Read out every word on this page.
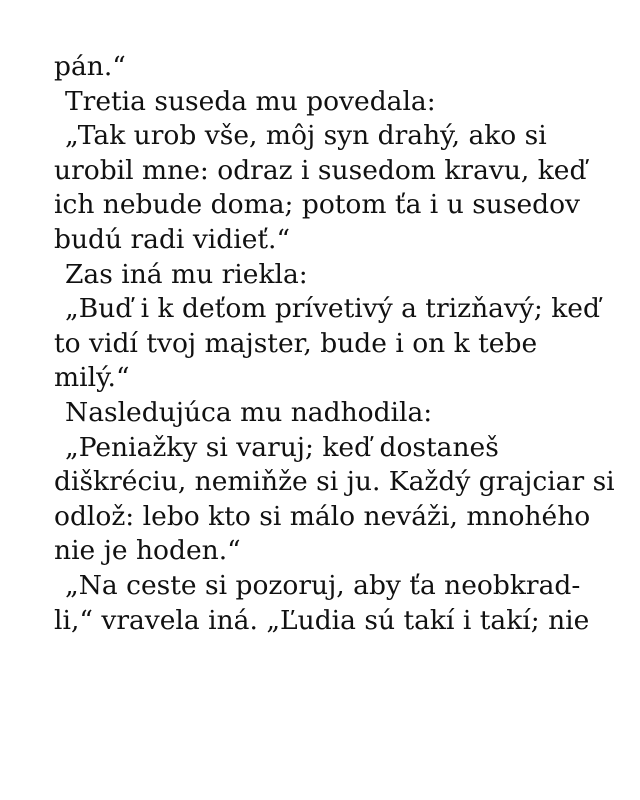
pán.“
Tretia suseda mu povedala:
„Tak urob vše, môj syn drahý, ako si
urobil mne: odraz i susedom kravu, keď
ich nebude doma; potom ťa i u susedov
budú radi vidieť.“
Zas iná mu riekla:
„Buď i k deťom prívetivý a trizňavý; keď
to vidí tvoj majster, bude i on k tebe
milý.“
Nasledujúca mu nadhodila:
„Peniažky si varuj; keď dostaneš
diškréciu, nemiňže si ju. Každý grajciar si
odlož: lebo kto si málo neváži, mnohého
nie je hoden.“
„Na ceste si pozoruj, aby ťa neobkrad-
li,“ vravela iná. „Ľudia sú takí i takí; nie
